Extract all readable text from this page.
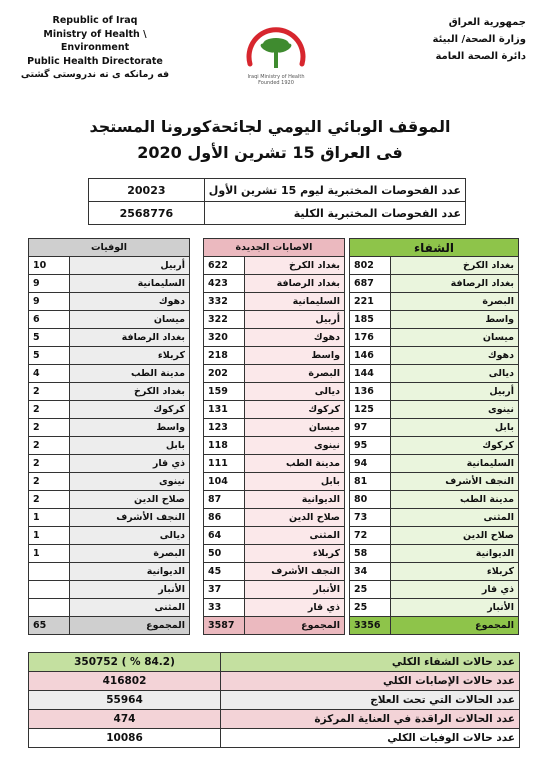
Republic of Iraq
Ministry of Health \ Environment
Public Health Directorate
فه رمانكه ى ته ندروستى گشتى	Iraqi Ministry of Health
Founded 1920
جمهورية العراق
وزارة الصحة/ البيئة
دائرة الصحة العامة
الموقف الوبائي اليومي لجائحةكورونا المستجد
فى العراق 15 تشرين الأول 2020
عدد الفحوصات المختبرية ليوم 15 تشرين الأول	20023
عدد الفحوصات المختبرية الكلية	2568776
الشفاء	
بغداد الكرخ	802
بغداد الرصافة	687
البصرة	221
واسط	185
ميسان	176
دهوك	146
ديالى	144
أربيل	136
نينوى	125
بابل	97
كركوك	95
السليمانية	94
النجف الأشرف	81
مدينة الطب	80
المثنى	73
صلاح الدين	72
الديوانية	58
كربلاء	34
ذي قار	25
الأنبار	25
المجموع	3356
الاصابات الجديدة	
بغداد الكرخ	622
بغداد الرصافة	423
السليمانية	332
أربيل	322
دهوك	320
واسط	218
البصرة	202
ديالى	159
كركوك	131
ميسان	123
نينوى	118
مدينة الطب	111
بابل	104
الديوانية	87
صلاح الدين	86
المثنى	64
كربلاء	50
النجف الأشرف	45
الأنبار	37
ذي قار	33
المجموع	3587
الوفيات	
أربيل	10
السليمانية	9
دهوك	9
ميسان	6
بغداد الرصافة	5
كربلاء	5
مدينة الطب	4
بغداد الكرخ	2
كركوك	2
واسط	2
بابل	2
ذي قار	2
نينوى	2
صلاح الدين	2
النجف الأشرف	1
ديالى	1
البصرة	1
الديوانية	
الأنبار	
المثنى	
المجموع	65
عدد حالات الشفاء الكلي	350752 ( % 84.2)
عدد حالات الإصابات الكلي	416802
عدد الحالات التي تحت العلاج	55964
عدد الحالات الراقدة في العناية المركزة	474
عدد حالات الوفيات الكلي	10086
